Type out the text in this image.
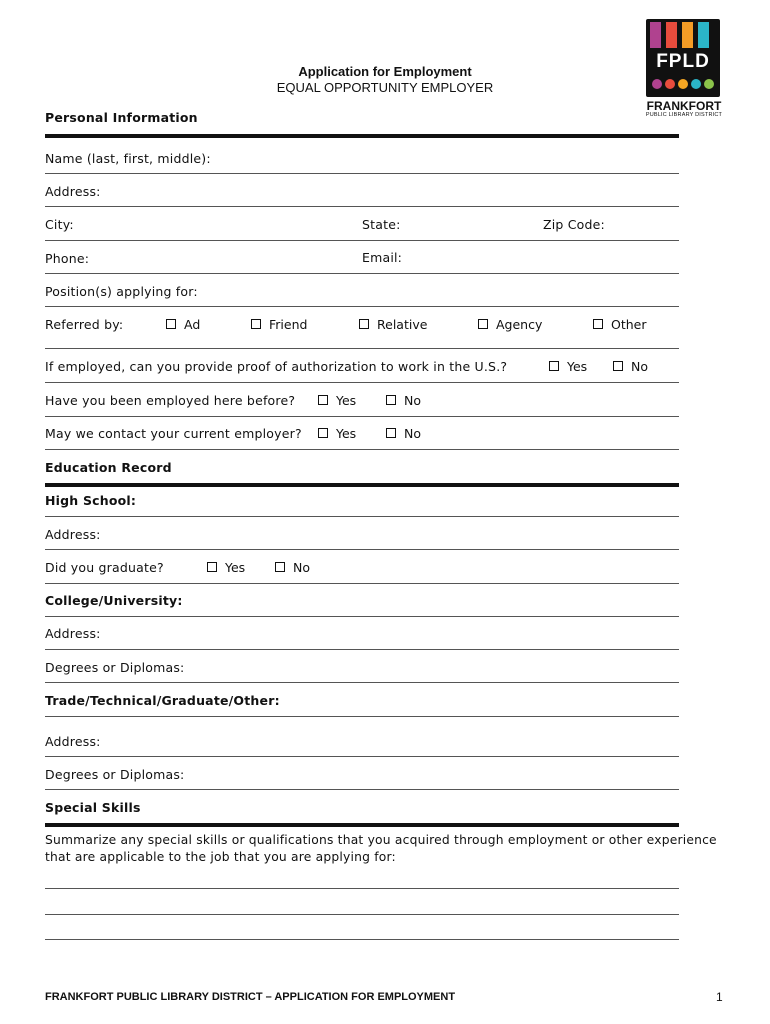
Application for Employment
EQUAL OPPORTUNITY EMPLOYER
FPLD
FRANKFORT
PUBLIC LIBRARY DISTRICT
Personal Information
Name (last, first, middle):
Address:
City:	State:	Zip Code:
Phone:	Email:
Position(s) applying for:
Referred by:	Ad	Friend	Relative	Agency	Other
If employed, can you provide proof of authorization to work in the U.S.?	Yes	No
Have you been employed here before?	Yes	No
May we contact your current employer?	Yes	No
Education Record
High School:
Address:
Did you graduate?	Yes	No
College/University:
Address:
Degrees or Diplomas:
Trade/Technical/Graduate/Other:
Address:
Degrees or Diplomas:
Special Skills
Summarize any special skills or qualifications that you acquired through employment or other experience
that are applicable to the job that you are applying for:
FRANKFORT PUBLIC LIBRARY DISTRICT – APPLICATION FOR EMPLOYMENT	1
